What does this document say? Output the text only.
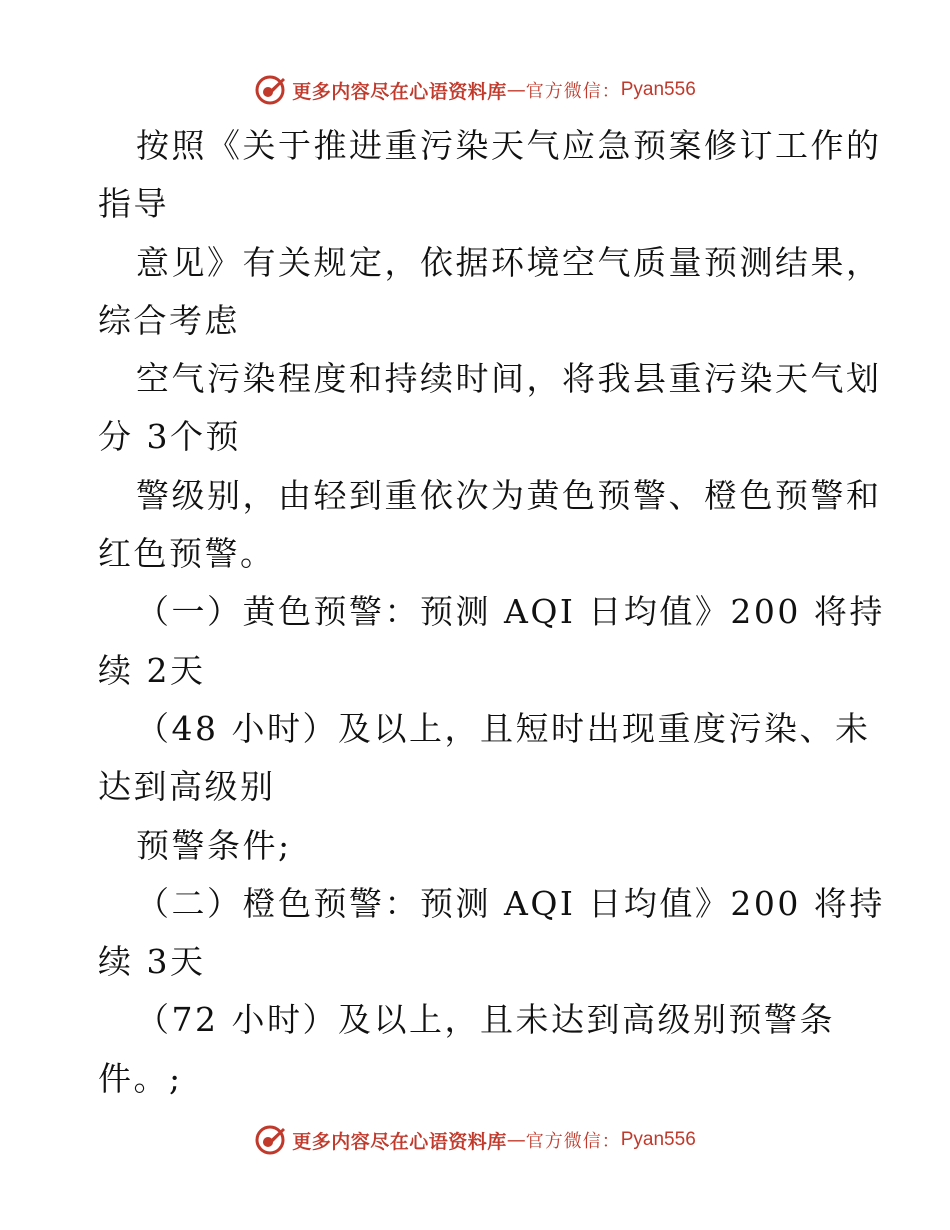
更多内容尽在心语资料库 — 官方微信： Pyan556
按照《关于推进重污染天气应急预案修订工作的
指导
意见》有关规定，依据环境空气质量预测结果，
综合考虑
空气污染程度和持续时间，将我县重污染天气划
分 3个预
警级别，由轻到重依次为黄色预警、橙色预警和
红色预警。
（一）黄色预警：预测 AQI 日均值》200 将持
续 2天
（48 小时）及以上，且短时出现重度污染、未
达到高级别
预警条件;
（二）橙色预警：预测 AQI 日均值》200 将持
续 3天
（72 小时）及以上，且未达到高级别预警条
件。;
更多内容尽在心语资料库 — 官方微信： Pyan556
